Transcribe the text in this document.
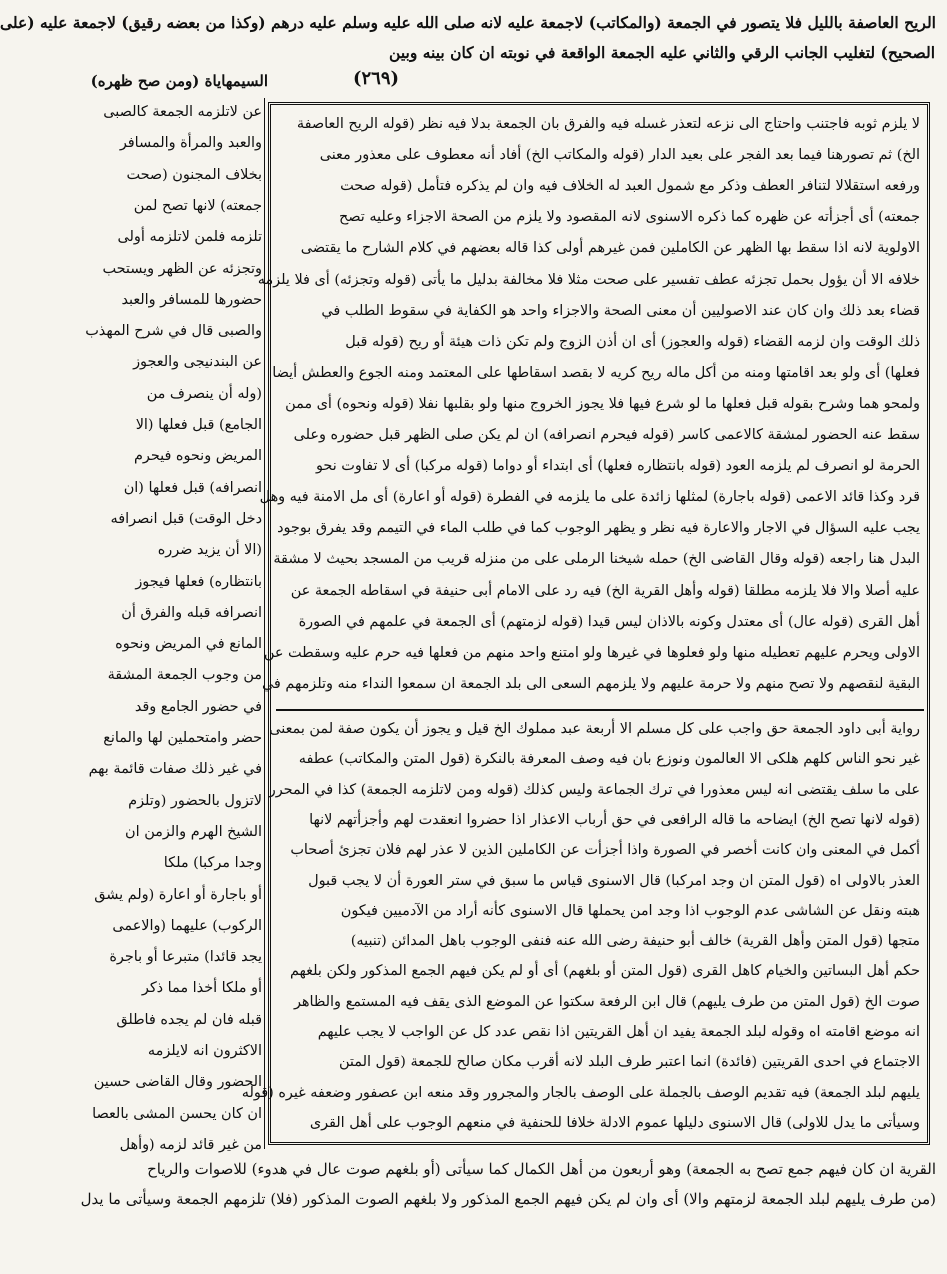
الريح العاصفة بالليل فلا يتصور في الجمعة (والمكاتب) لاجمعة عليه لانه صلى الله عليه وسلم عليه درهم (وكذا من بعضه رقيق) لاجمعة عليه (على
الصحيح) لتغليب الجانب الرقي والثاني عليه الجمعة الواقعة في نوبته ان كان بينه وبين
(٢٦٩)
السيمهاياة (ومن صح ظهره)
لا يلزم ثوبه فاجتنب واحتاج الى نزعه لتعذر غسله فيه والفرق بان الجمعة بدلا فيه نظر (قوله الريح العاصفة
الخ) ثم تصورهنا فيما بعد الفجر على بعيد الدار (قوله والمكاتب الخ) أفاد أنه معطوف على معذور معنى
ورفعه استقلالا لتنافر العطف وذكر مع شمول العبد له الخلاف فيه وان لم يذكره فتأمل (قوله صحت
جمعته) أى أجزأته عن ظهره كما ذكره الاسنوى لانه المقصود ولا يلزم من الصحة الاجزاء وعليه تصح
الاولوية لانه اذا سقط بها الظهر عن الكاملين فمن غيرهم أولى كذا قاله بعضهم في كلام الشارح ما يقتضى
خلافه الا أن يؤول بحمل تجزئه عطف تفسير على صحت مثلا فلا مخالفة بدليل ما يأتى (قوله وتجزئه) أى فلا يلزمه
قضاء بعد ذلك وان كان عند الاصوليين أن معنى الصحة والاجزاء واحد هو الكفاية في سقوط الطلب في
ذلك الوقت وان لزمه القضاء (قوله والعجوز) أى ان أذن الزوج ولم تكن ذات هيئة أو ريح (قوله قبل
فعلها) أى ولو بعد اقامتها ومنه من أكل ماله ريح كريه لا بقصد اسقاطها على المعتمد ومنه الجوع والعطش أيضا
ولمحو هما وشرح بقوله قبل فعلها ما لو شرع فيها فلا يجوز الخروج منها ولو بقلبها نفلا (قوله ونحوه) أى ممن
سقط عنه الحضور لمشقة كالاعمى كاسر (قوله فيحرم انصرافه) ان لم يكن صلى الظهر قبل حضوره وعلى
الحرمة لو انصرف لم يلزمه العود (قوله بانتظاره فعلها) أى ابتداء أو دواما (قوله مركبا) أى لا تفاوت نحو
قرد وكذا قائد الاعمى (قوله باجارة) لمثلها زائدة على ما يلزمه في الفطرة (قوله أو اعارة) أى مل الامنة فيه وهل
يجب عليه السؤال في الاجار والاعارة فيه نظر و يظهر الوجوب كما في طلب الماء في التيمم وقد يفرق بوجود
البدل هنا راجعه (قوله وقال القاضى الخ) حمله شيخنا الرملى على من منزله قريب من المسجد بحيث لا مشقة
عليه أصلا والا فلا يلزمه مطلقا (قوله وأهل القرية الخ) فيه رد على الامام أبى حنيفة في اسقاطه الجمعة عن
أهل القرى (قوله عال) أى معتدل وكونه بالاذان ليس قيدا (قوله لزمتهم) أى الجمعة في علمهم في الصورة
الاولى ويحرم عليهم تعطيله منها ولو فعلوها في غيرها ولو امتنع واحد منهم من فعلها فيه حرم عليه وسقطت عن
البقية لنقصهم ولا تصح منهم ولا حرمة عليهم ولا يلزمهم السعى الى بلد الجمعة ان سمعوا النداء منه وتلزمهم في
رواية أبى داود الجمعة حق واجب على كل مسلم الا أربعة عبد مملوك الخ قيل و يجوز أن يكون صفة لمن بمعنى
غير نحو الناس كلهم هلكى الا العالمون ونوزع بان فيه وصف المعرفة بالنكرة (قول المتن والمكاتب) عطفه
على ما سلف يقتضى انه ليس معذورا في ترك الجماعة وليس كذلك (قوله ومن لاتلزمه الجمعة) كذا في المحرر
(قوله لانها تصح الخ) ايضاحه ما قاله الرافعى في حق أرباب الاعذار اذا حضروا انعقدت لهم وأجزأتهم لانها
أكمل في المعنى وان كانت أخصر في الصورة واذا أجزأت عن الكاملين الذين لا عذر لهم فلان تجزئ أصحاب
العذر بالاولى اه (قول المتن ان وجد امركبا) قال الاسنوى قياس ما سبق في ستر العورة أن لا يجب قبول
هبته ونقل عن الشاشى عدم الوجوب اذا وجد امن يحملها قال الاسنوى كأنه أراد من الآدميين فيكون
متجها (قول المتن وأهل القرية) خالف أبو حنيفة رضى الله عنه فنفى الوجوب باهل المدائن (تنبيه)
حكم أهل البساتين والخيام كاهل القرى (قول المتن أو بلغهم) أى أو لم يكن فيهم الجمع المذكور ولكن بلغهم
صوت الخ (قول المتن من طرف يليهم) قال ابن الرفعة سكتوا عن الموضع الذى يقف فيه المستمع والظاهر
انه موضع اقامته اه وقوله لبلد الجمعة يفيد ان أهل القريتين اذا نقص عدد كل عن الواجب لا يجب عليهم
الاجتماع في احدى القريتين (فائدة) انما اعتبر طرف البلد لانه أقرب مكان صالح للجمعة (قول المتن
يليهم لبلد الجمعة) فيه تقديم الوصف بالجملة على الوصف بالجار والمجرور وقد منعه ابن عصفور وضعفه غيره (قوله
وسيأتى ما يدل للاولى) قال الاسنوى دليلها عموم الادلة خلافا للحنفية في منعهم الوجوب على أهل القرى
عن لاتلزمه الجمعة كالصبى
والعبد والمرأة والمسافر
بخلاف المجنون (صحت
جمعته) لانها تصح لمن
تلزمه فلمن لاتلزمه أولى
وتجزئه عن الظهر ويستحب
حضورها للمسافر والعبد
والصبى قال في شرح المهذب
عن البندنيجى والعجوز
(وله أن ينصرف من
الجامع) قبل فعلها (الا
المريض ونحوه فيحرم
انصرافه) قبل فعلها (ان
دخل الوقت) قبل انصرافه
(الا أن يزيد ضرره
بانتظاره) فعلها فيجوز
انصرافه قبله والفرق أن
المانع في المريض ونحوه
من وجوب الجمعة المشقة
في حضور الجامع وقد
حضر وامتحملين لها والمانع
في غير ذلك صفات قائمة بهم
لاتزول بالحضور (وتلزم
الشيخ الهرم والزمن ان
وجدا مركبا) ملكا
أو باجارة أو اعارة (ولم يشق
الركوب) عليهما (والاعمى
يجد قائدا) متبرعا أو باجرة
أو ملكا أخذا مما ذكر
قبله فان لم يجده فاطلق
الاكثرون انه لايلزمه
الحضور وقال القاضى حسين
ان كان يحسن المشى بالعصا
من غير قائد لزمه (وأهل
القرية ان كان فيهم جمع تصح به الجمعة) وهو أربعون من أهل الكمال كما سيأتى (أو بلغهم صوت عال في هدوء) للاصوات والرياح
(من طرف يليهم لبلد الجمعة لزمتهم والا) أى وان لم يكن فيهم الجمع المذكور ولا بلغهم الصوت المذكور (فلا) تلزمهم الجمعة وسيأتى ما يدل
